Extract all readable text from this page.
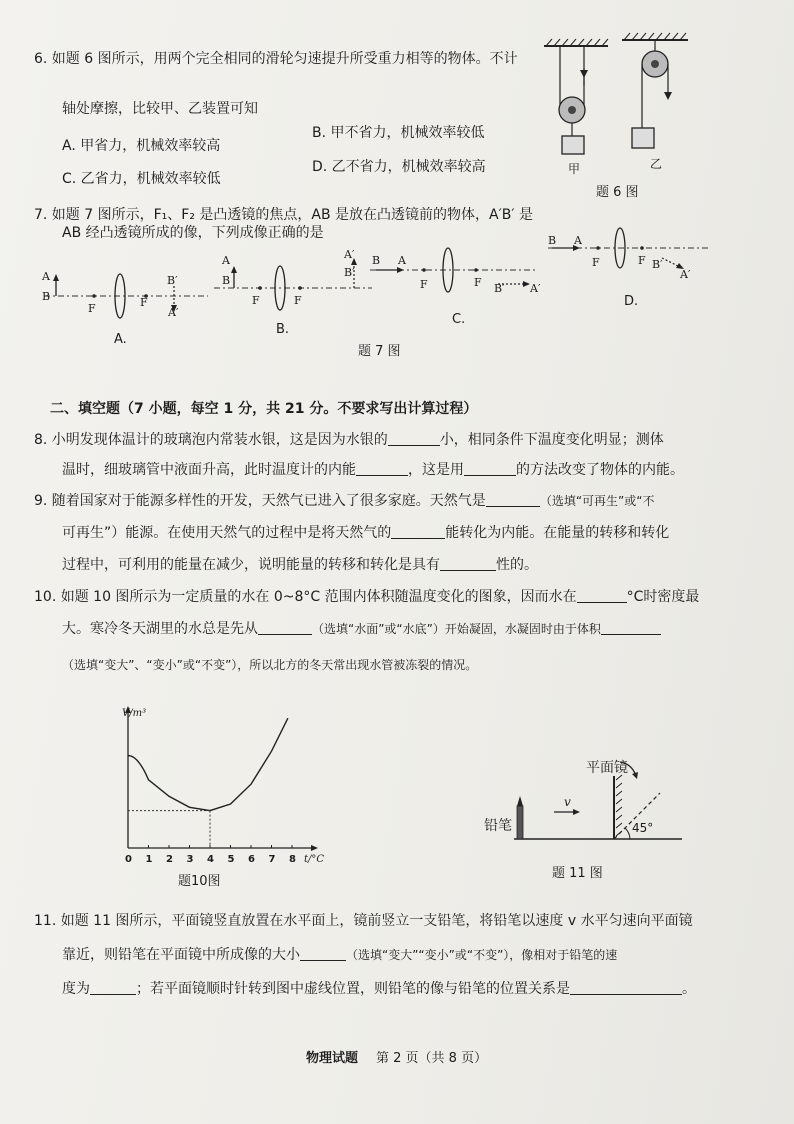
6. 如题 6 图所示，用两个完全相同的滑轮匀速提升所受重力相等的物体。不计
轴处摩擦，比较甲、乙装置可知
A. 甲省力，机械效率较高
B. 甲不省力，机械效率较低
C. 乙省力，机械效率较低
D. 乙不省力，机械效率较高	甲	乙
题 6 图
7. 如题 7 图所示，F₁、F₂ 是凸透镜的焦点，AB 是放在凸透镜前的物体，A′B′ 是
AB 经凸透镜所成的像，下列成像正确的是
A
B
F	F
B′
A′
A
B
F	F
A′
B′
B A
F	F B′ A′
B A
F	F B′
A′
A.
B.
C.
D.
题 7 图
二、填空题（7 小题，每空 1 分，共 21 分。不要求写出计算过程）
8. 小明发现体温计的玻璃泡内常装水银，这是因为水银的	小，相同条件下温度变化明显；测体
温时，细玻璃管中液面升高，此时温度计的内能	，这是用	的方法改变了物体的内能。
9. 随着国家对于能源多样性的开发，天然气已进入了很多家庭。天然气是	（选填“可再生”或“不
可再生”）能源。在使用天然气的过程中是将天然气的	能转化为内能。在能量的转移和转化
过程中，可利用的能量在减少，说明能量的转移和转化是具有	性的。
10. 如题 10 图所示为一定质量的水在 0~8°C 范围内体积随温度变化的图象，因而水在	°C时密度最
大。寒冷冬天湖里的水总是先从	（选填“水面”或“水底”）开始凝固，水凝固时由于体积
（选填“变大”、“变小”或“不变”），所以北方的冬天常出现水管被冻裂的情况。
0 1 2 3 4 5 6 7 8 t/°C
V/m³
题10图
平面镜
铅笔
v
45°
题 11 图
11. 如题 11 图所示，平面镜竖直放置在水平面上，镜前竖立一支铅笔，将铅笔以速度 v 水平匀速向平面镜
靠近，则铅笔在平面镜中所成像的大小	（选填“变大”“变小”或“不变”），像相对于铅笔的速
度为	；若平面镜顺时针转到图中虚线位置，则铅笔的像与铅笔的位置关系是	。
物理试题 第 2 页（共 8 页）
